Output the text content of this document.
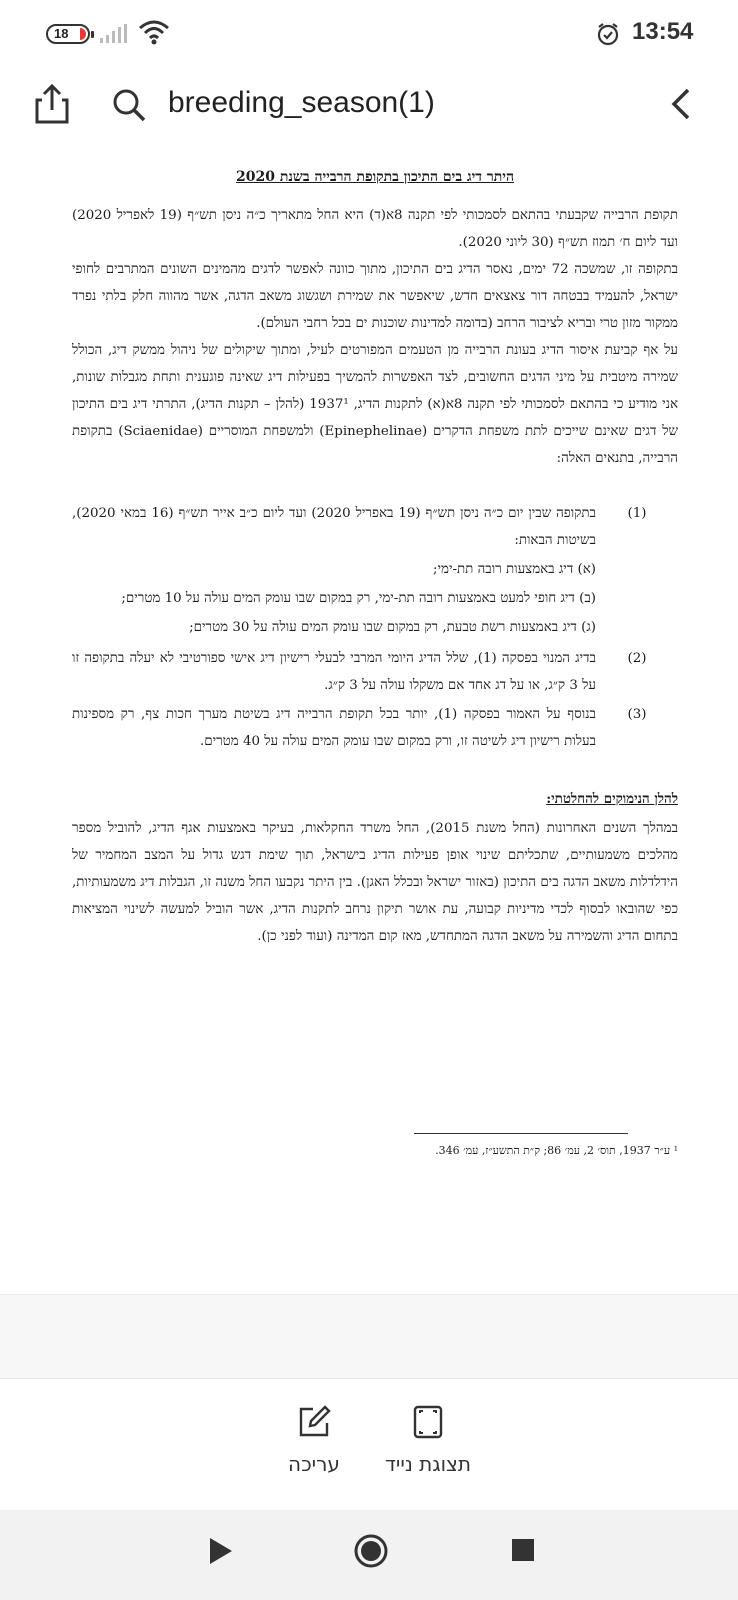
18	13:54
breeding_season(1)
היתר דיג בים התיכון בתקופת הרבייה בשנת 2020

תקופת הרבייה שקבעתי בהתאם לסמכותי לפי תקנה 8א(ד) היא החל מתאריך כ״ה ניסן תש״ף (19 לאפריל 2020) ועד ליום ח׳ תמוז תש״ף (30 ליוני 2020).

בתקופה זו, שמשכה 72 ימים, נאסר הדיג בים התיכון, מתוך כוונה לאפשר לדגים מהמינים השונים המתרבים לחופי ישראל, להעמיד בבטחה דור צאצאים חדש, שיאפשר את שמירת ושגשוג משאב הדגה, אשר מהווה חלק בלתי נפרד ממקור מזון טרי ובריא לציבור הרחב (בדומה למדינות שוכנות ים בכל רחבי העולם).

על אף קביעת איסור הדיג בעונת הרבייה מן הטעמים המפורטים לעיל, ומתוך שיקולים של ניהול ממשק דיג, הכולל שמירה מיטבית על מיני הדגים החשובים, לצד האפשרות להמשיך בפעילות דיג שאינה פוגענית ותחת מגבלות שונות, אני מודיע כי בהתאם לסמכותי לפי תקנה 8א(א) לתקנות הדיג, 1937¹ (להלן – תקנות הדיג), התרתי דיג בים התיכון של דגים שאינם שייכים לתת משפחת הדקרים (Epinephelinae) ולמשפחת המוסריים (Sciaenidae) בתקופת הרבייה, בתנאים האלה:

(1)
בתקופה שבין יום כ״ה ניסן תש״ף (19 באפריל 2020) ועד ליום כ״ב אייר תש״ף (16 במאי 2020), בשיטות הבאות:
(א) דיג באמצעות רובה תת-ימי;
(ב) דיג חופי למעט באמצעות רובה תת-ימי, רק במקום שבו עומק המים עולה על 10 מטרים;
(ג) דיג באמצעות רשת טבעת, רק במקום שבו עומק המים עולה על 30 מטרים;
(2)
בדיג המנוי בפסקה (1), שלל הדיג היומי המרבי לבעלי רישיון דיג אישי ספורטיבי לא יעלה בתקופה זו על 3 ק״ג, או על דג אחד אם משקלו עולה על 3 ק״ג.
(3)
בנוסף על האמור בפסקה (1), יותר בכל תקופת הרבייה דיג בשיטת מערך חכות צף, רק מספינות בעלות רישיון דיג לשיטה זו, ורק במקום שבו עומק המים עולה על 40 מטרים.
להלן הנימוקים להחלטתי:

במהלך השנים האחרונות (החל משנת 2015), החל משרד החקלאות, בעיקר באמצעות אגף הדיג, להוביל מספר מהלכים משמעותיים, שתכליתם שינוי אופן פעילות הדיג בישראל, תוך שימת דגש גדול על המצב המחמיר של הידלדלות משאב הדגה בים התיכון (באזור ישראל ובכלל האגן). בין היתר נקבעו החל משנה זו, הגבלות דיג משמעותיות, כפי שהובאו לבסוף לכדי מדיניות קבועה, עת אושר תיקון נרחב לתקנות הדיג, אשר הוביל למעשה לשינוי המציאות בתחום הדיג והשמירה על משאב הדגה המתחדש, מאז קום המדינה (ועוד לפני כן).

¹ ע״ר 1937, תוס׳ 2, עמ׳ 86; ק״ת התשע״ז, עמ׳ 346.
עריכה	תצוגת נייד
